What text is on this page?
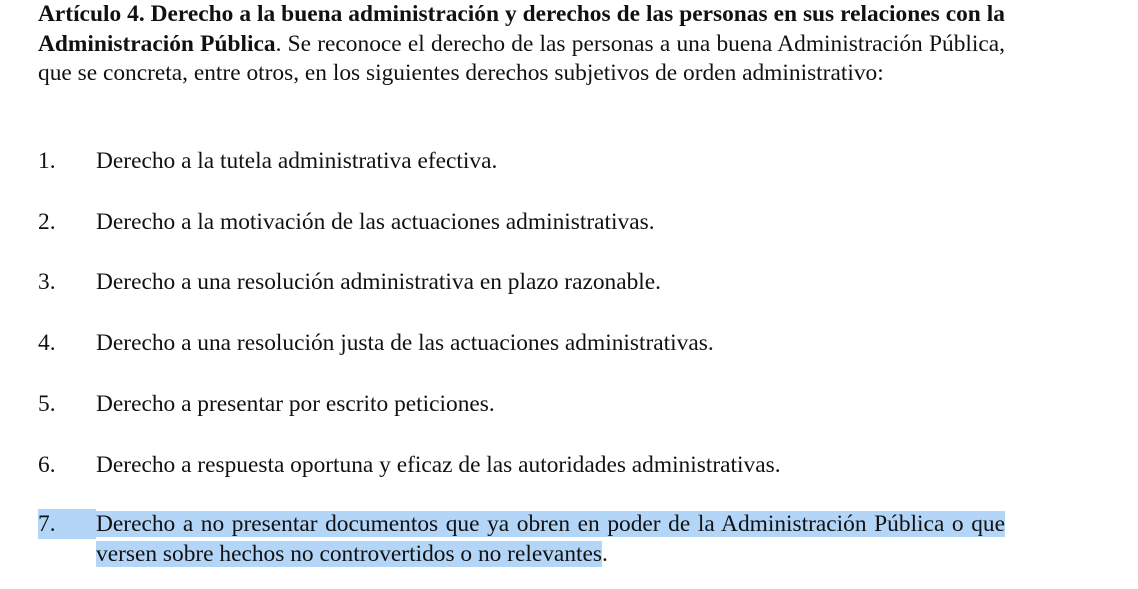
Artículo 4. Derecho a la buena administración y derechos de las personas en sus relaciones con la Administración Pública. Se reconoce el derecho de las personas a una buena Administración Pública, que se concreta, entre otros, en los siguientes derechos subjetivos de orden administrativo:

1.	Derecho a la tutela administrativa efectiva.
2.	Derecho a la motivación de las actuaciones administrativas.
3.	Derecho a una resolución administrativa en plazo razonable.
4.	Derecho a una resolución justa de las actuaciones administrativas.
5.	Derecho a presentar por escrito peticiones.
6.	Derecho a respuesta oportuna y eficaz de las autoridades administrativas.
7.	Derecho a no presentar documentos que ya obren en poder de la Administración Pública o que versen sobre hechos no controvertidos o no relevantes.
